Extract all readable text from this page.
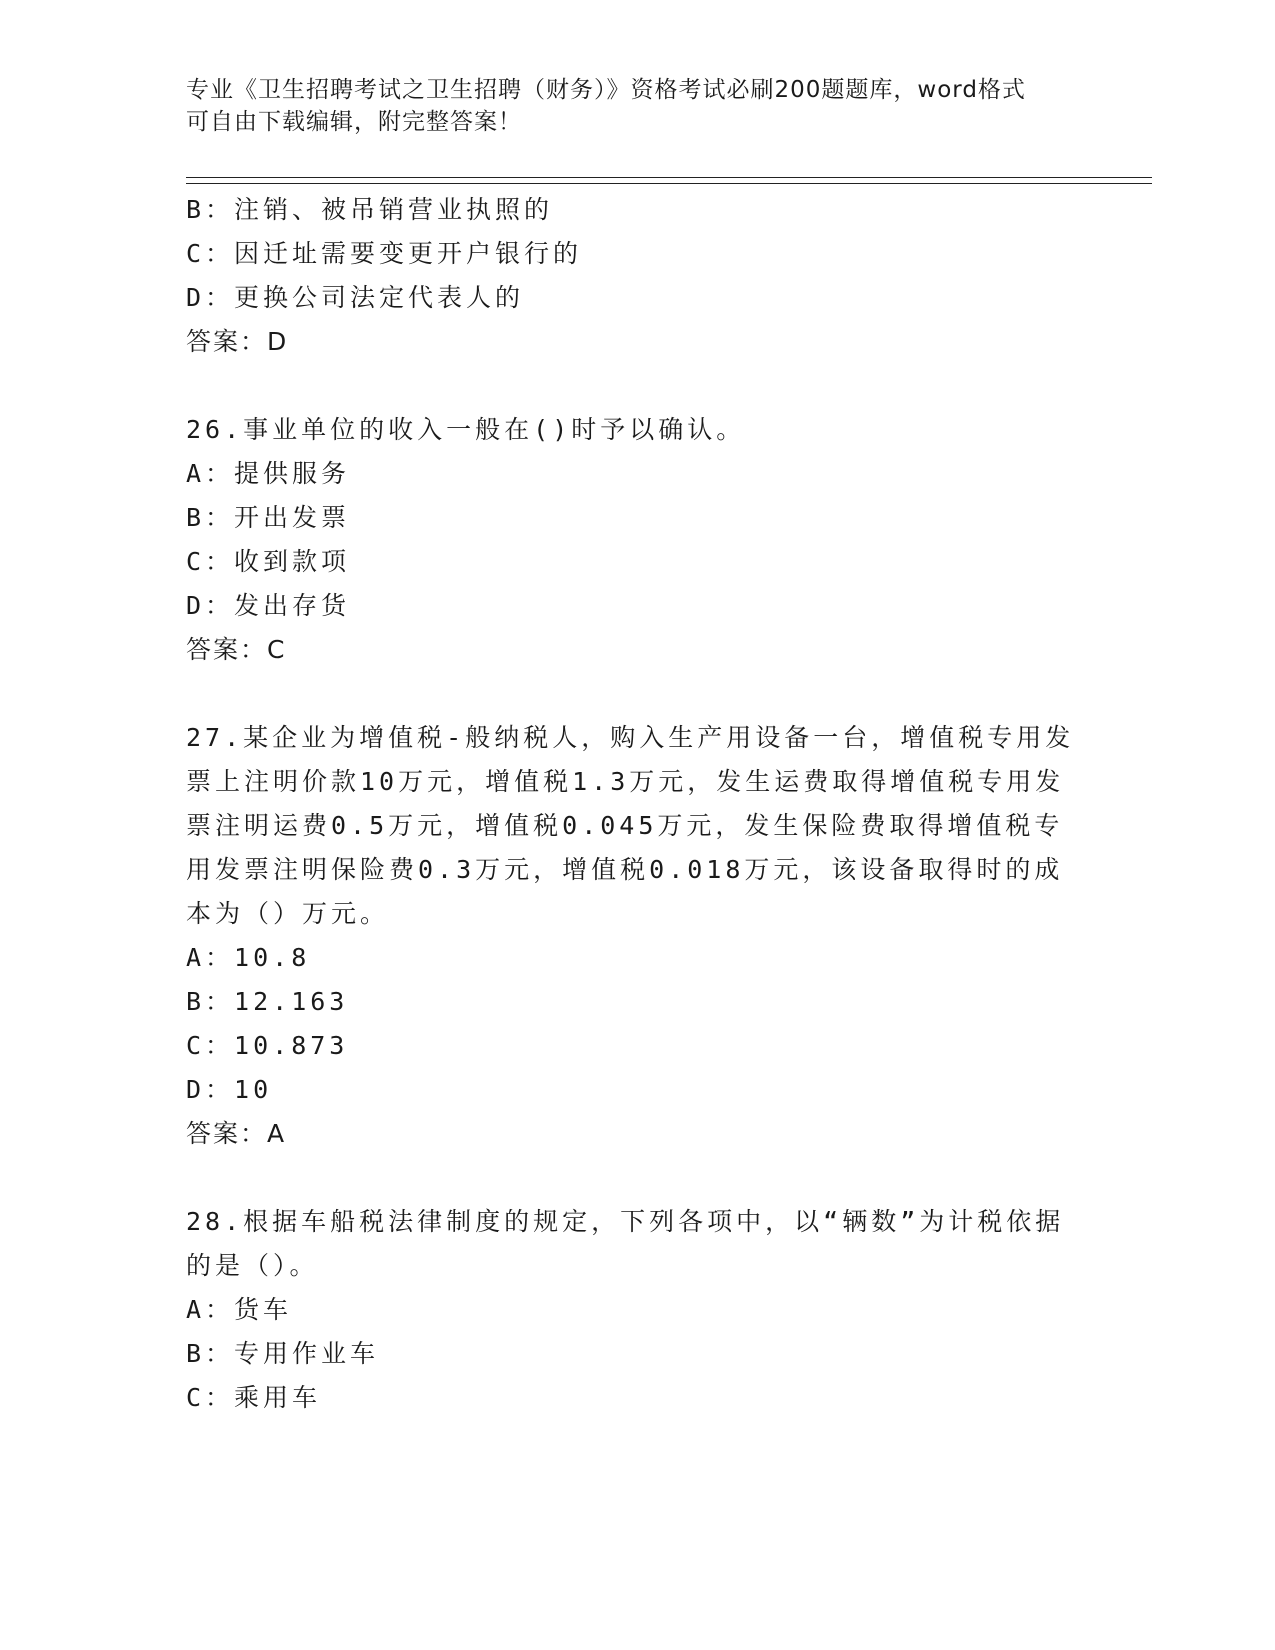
专业《卫生招聘考试之卫生招聘（财务）》资格考试必刷200题题库，word格式
可自由下载编辑，附完整答案！
B：注销、被吊销营业执照的
C：因迁址需要变更开户银行的
D：更换公司法定代表人的
答案：D
26.事业单位的收入一般在()时予以确认。
A：提供服务
B：开出发票
C：收到款项
D：发出存货
答案：C
27.某企业为增值税-般纳税人，购入生产用设备一台，增值税专用发
票上注明价款10万元，增值税1.3万元，发生运费取得增值税专用发
票注明运费0.5万元，增值税0.045万元，发生保险费取得增值税专
用发票注明保险费0.3万元，增值税0.018万元，该设备取得时的成
本为（）万元。
A：10.8
B：12.163
C：10.873
D：10
答案：A
28.根据车船税法律制度的规定，下列各项中，以“辆数”为计税依据
的是（）。
A：货车
B：专用作业车
C：乘用车
